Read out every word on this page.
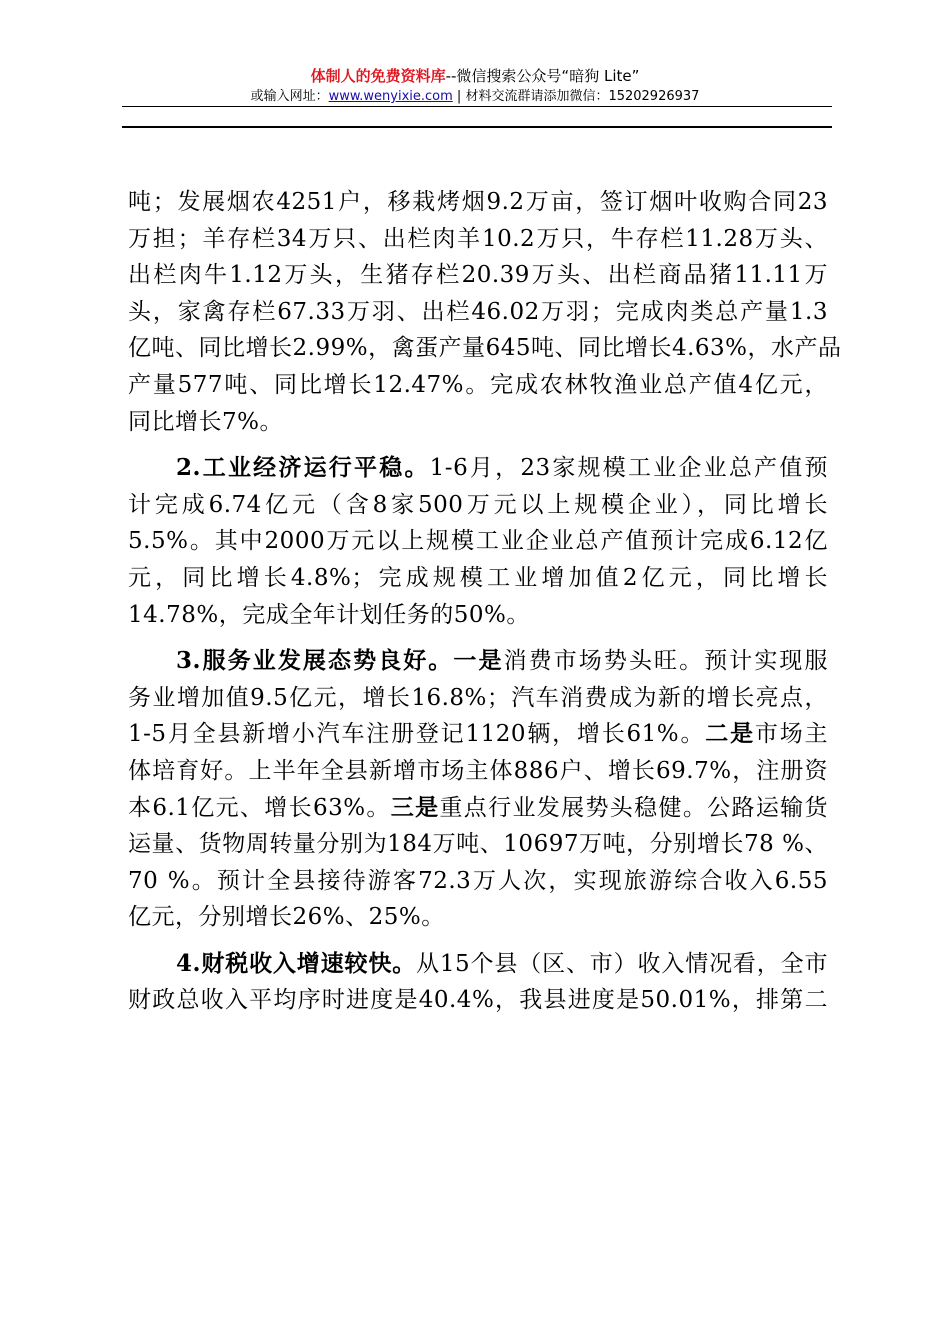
体制人的免费资料库--微信搜索公众号“暗狗 Lite”
或输入网址：www.wenyixie.com | 材料交流群请添加微信：15202926937
吨；发展烟农4251户，移栽烤烟9.2万亩，签订烟叶收购合同23
万担；羊存栏34万只、出栏肉羊10.2万只，牛存栏11.28万头、
出栏肉牛1.12万头，生猪存栏20.39万头、出栏商品猪11.11万
头，家禽存栏67.33万羽、出栏46.02万羽；完成肉类总产量1.3
亿吨、同比增长2.99%，禽蛋产量645吨、同比增长4.63%，水产品
产量577吨、同比增长12.47%。完成农林牧渔业总产值4亿元，
同比增长7%。
2.工业经济运行平稳。1-6月，23家规模工业企业总产值预
计完成6.74亿元（含8家500万元以上规模企业），同比增长
5.5%。其中2000万元以上规模工业企业总产值预计完成6.12亿
元，同比增长4.8%；完成规模工业增加值2亿元，同比增长
14.78%，完成全年计划任务的50%。
3.服务业发展态势良好。一是消费市场势头旺。预计实现服
务业增加值9.5亿元，增长16.8%；汽车消费成为新的增长亮点，
1-5月全县新增小汽车注册登记1120辆，增长61%。二是市场主
体培育好。上半年全县新增市场主体886户、增长69.7%，注册资
本6.1亿元、增长63%。三是重点行业发展势头稳健。公路运输货
运量、货物周转量分别为184万吨、10697万吨，分别增长78 %、
70 %。预计全县接待游客72.3万人次，实现旅游综合收入6.55
亿元，分别增长26%、25%。
4.财税收入增速较快。从15个县（区、市）收入情况看，全市
财政总收入平均序时进度是40.4%，我县进度是50.01%，排第二
